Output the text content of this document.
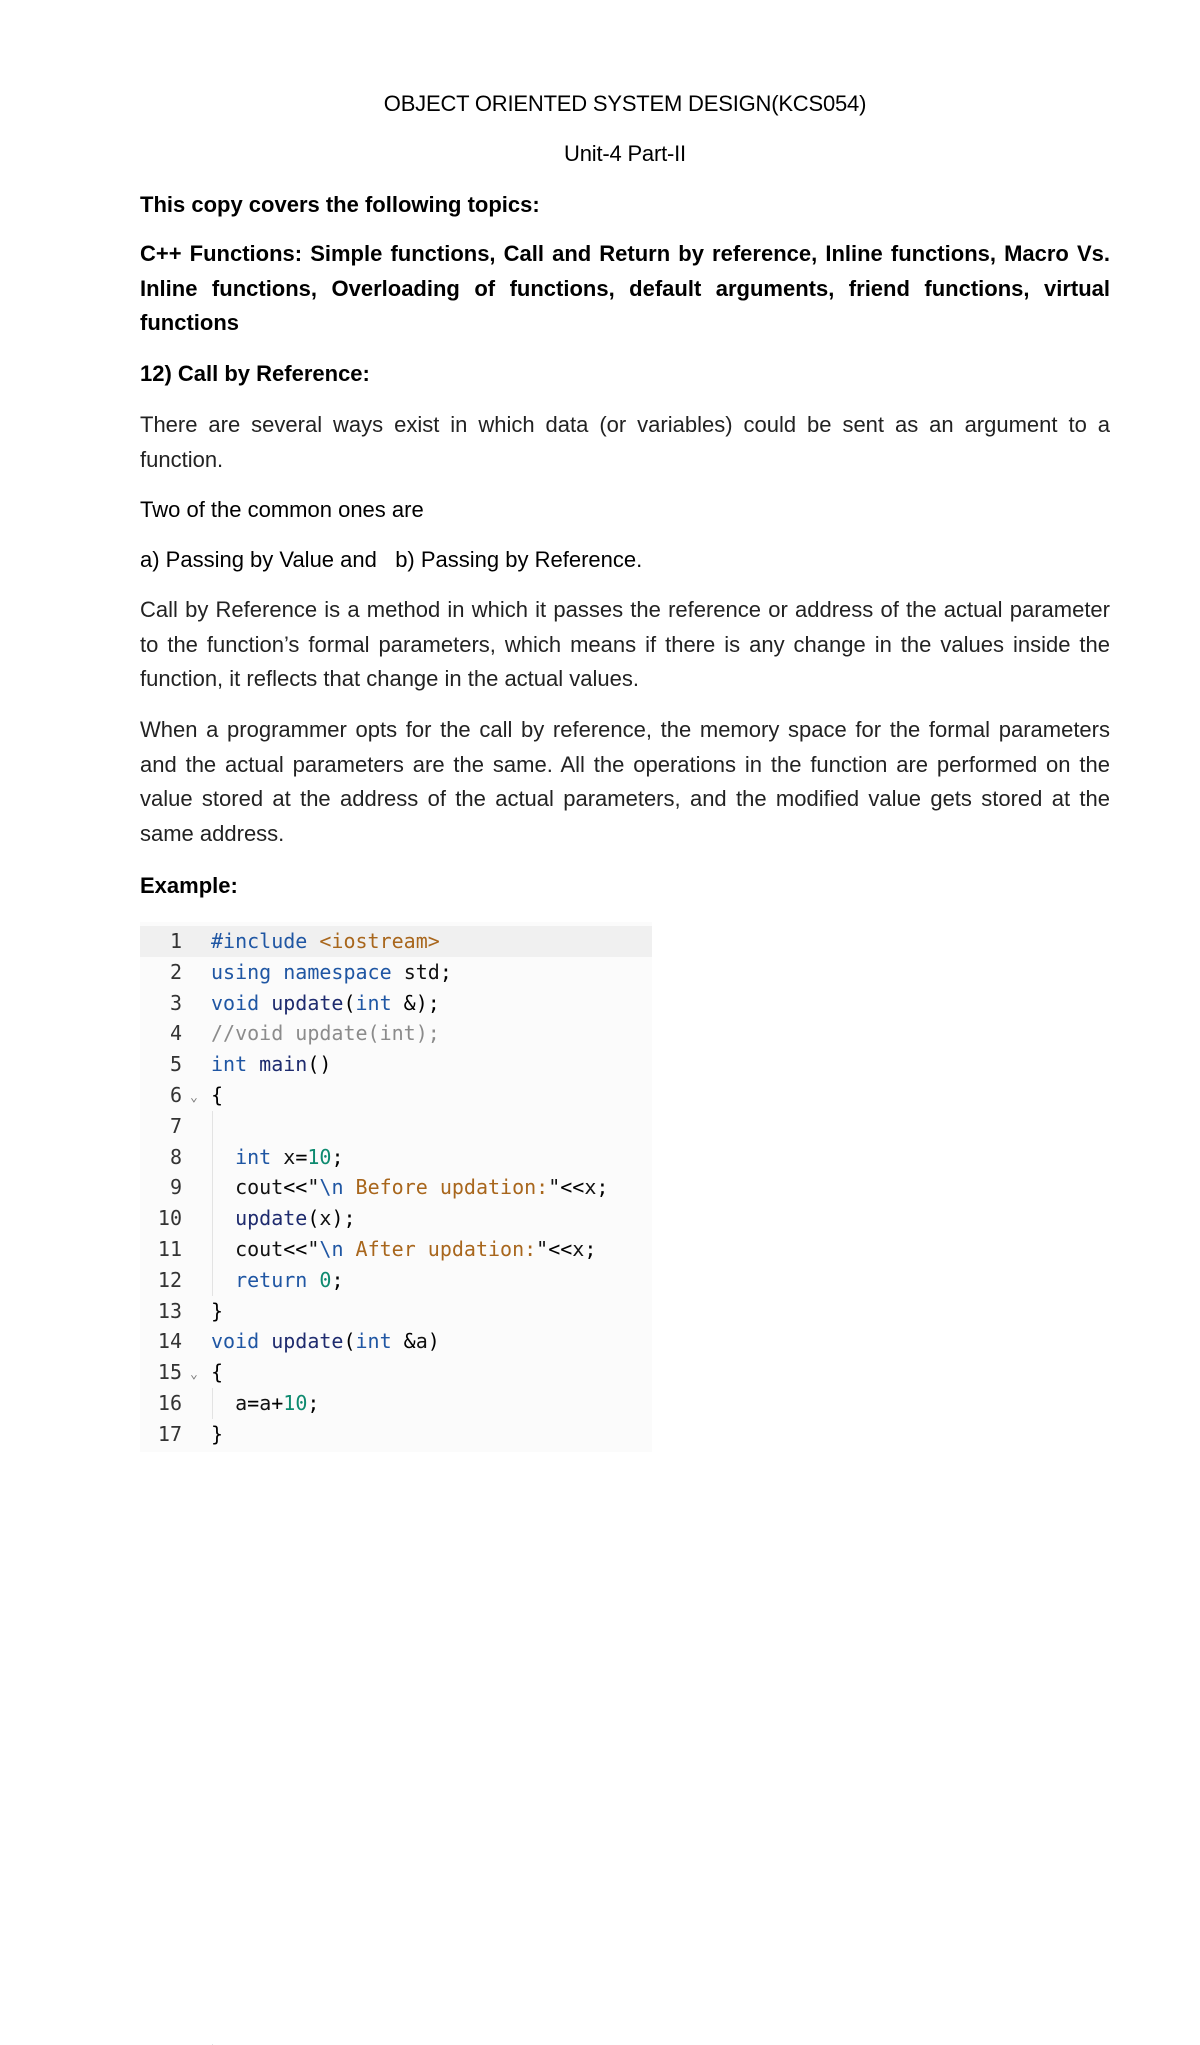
OBJECT ORIENTED SYSTEM DESIGN(KCS054)
Unit-4 Part-II

This copy covers the following topics:

C++ Functions: Simple functions, Call and Return by reference, Inline functions, Macro Vs. Inline functions, Overloading of functions, default arguments, friend functions, virtual functions

12) Call by Reference:

There are several ways exist in which data (or variables) could be sent as an argument to a function.

Two of the common ones are

a) Passing by Value and   b) Passing by Reference.

Call by Reference is a method in which it passes the reference or address of the actual parameter to the function’s formal parameters, which means if there is any change in the values inside the function, it reflects that change in the actual values.

When a programmer opts for the call by reference, the memory space for the formal parameters and the actual parameters are the same. All the operations in the function are performed on the value stored at the address of the actual parameters, and the modified value gets stored at the same address.

Example:

1 #include <iostream>
2 using namespace std;
3 void update(int &);
4 //void update(int);
5 int main()
6 ⌄ {
7
8	int x=10;
9	cout<<"\n Before updation:"<<x;
10	update(x);
11	cout<<"\n After updation:"<<x;
12	return 0;
13 }
14 void update(int &a)
15 ⌄ {
16	a=a+10;
17 }
